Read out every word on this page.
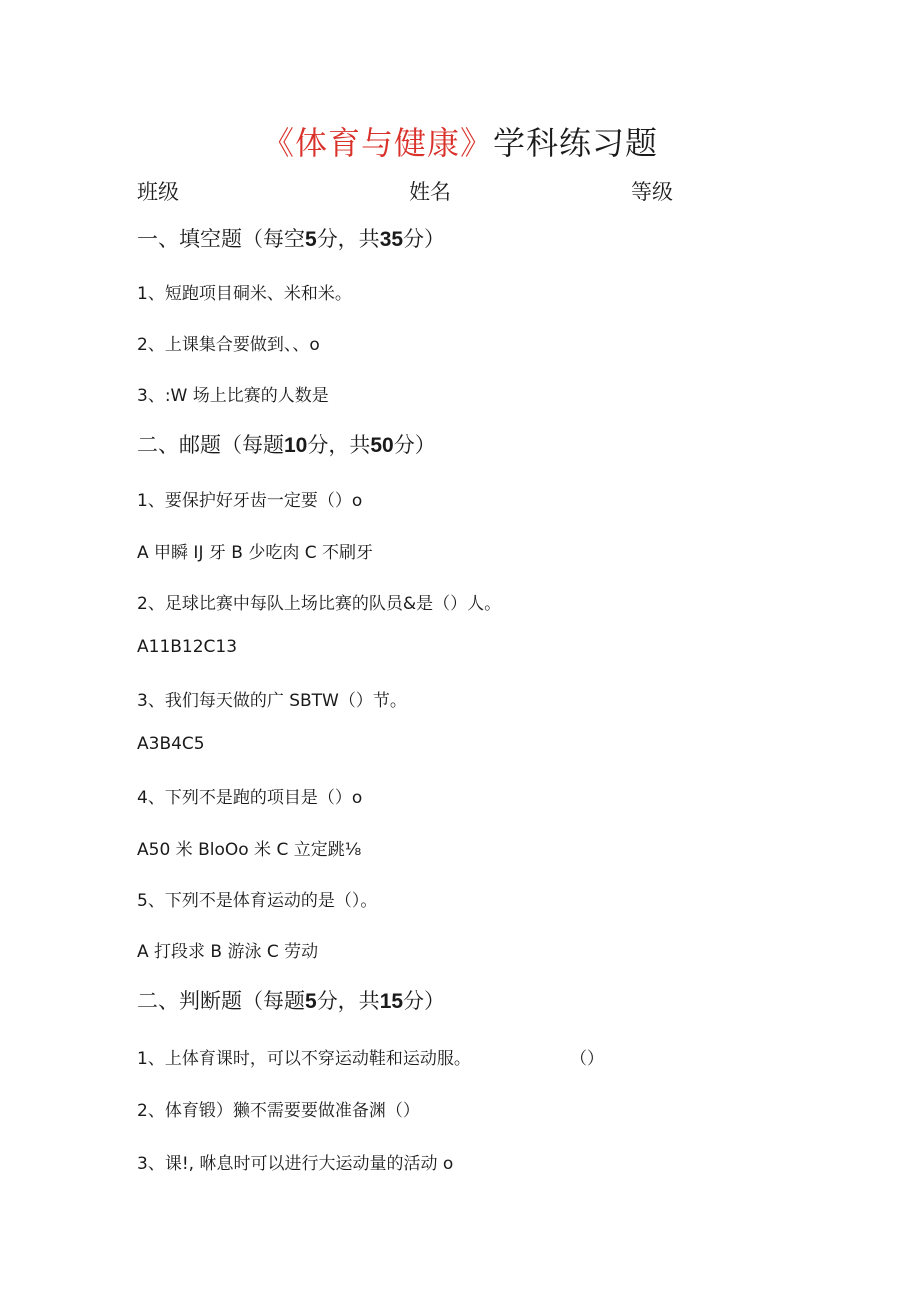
《体育与健康》学科练习题
班级	姓名	等级
一、填空题（每空5分，共35分）
1、短跑项目硐米、米和米。
2、上课集合要做到、、o
3、:W 场上比赛的人数是
二、邮题（每题10分，共50分）
1、要保护好牙齿一定要（）o
A 甲瞬 IJ 牙 B 少吃肉 C 不刷牙
2、足球比赛中每队上场比赛的队员&是（）人。
A11B12C13
3、我们每天做的广 SBTW（）节。
A3B4C5
4、下列不是跑的项目是（）o
A50 米 BloOo 米 C 立定跳⅛
5、下列不是体育运动的是（）。
A 打段求 B 游泳 C 劳动
二、判断题（每题5分，共15分）
1、上体育课时，可以不穿运动鞋和运动服。	（）
2、体育锻）獭不需要要做准备渊（）
3、课!, 咻息时可以进行大运动量的活动 o
